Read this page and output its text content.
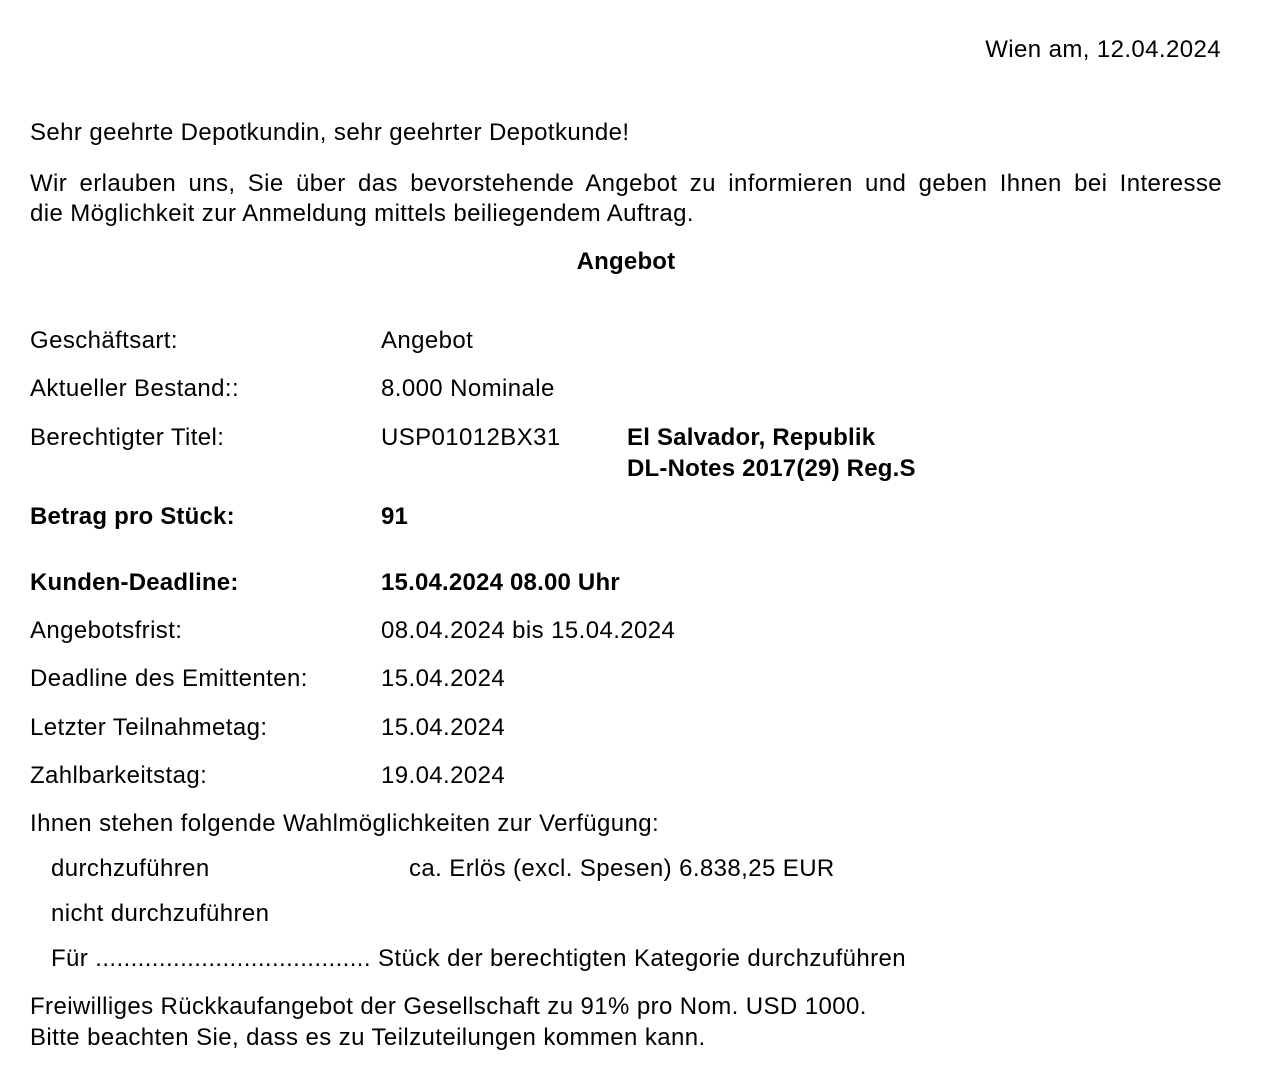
Wien am, 12.04.2024
Sehr geehrte Depotkundin, sehr geehrter Depotkunde!
Wir erlauben uns, Sie über das bevorstehende Angebot zu informieren und geben Ihnen bei Interesse
die Möglichkeit zur Anmeldung mittels beiliegendem Auftrag.
Angebot
Geschäftsart:	Angebot
Aktueller Bestand::	8.000 Nominale
Berechtigter Titel:	USP01012BX31	El Salvador, Republik
DL-Notes 2017(29) Reg.S
Betrag pro Stück:	91
Kunden-Deadline:	15.04.2024 08.00 Uhr
Angebotsfrist:	08.04.2024 bis 15.04.2024
Deadline des Emittenten:	15.04.2024
Letzter Teilnahmetag:	15.04.2024
Zahlbarkeitstag:	19.04.2024
Ihnen stehen folgende Wahlmöglichkeiten zur Verfügung:
durchzuführen	ca. Erlös (excl. Spesen) 6.838,25 EUR
nicht durchzuführen
Für ....................................... Stück der berechtigten Kategorie durchzuführen
Freiwilliges Rückkaufangebot der Gesellschaft zu 91% pro Nom. USD 1000.
Bitte beachten Sie, dass es zu Teilzuteilungen kommen kann.
